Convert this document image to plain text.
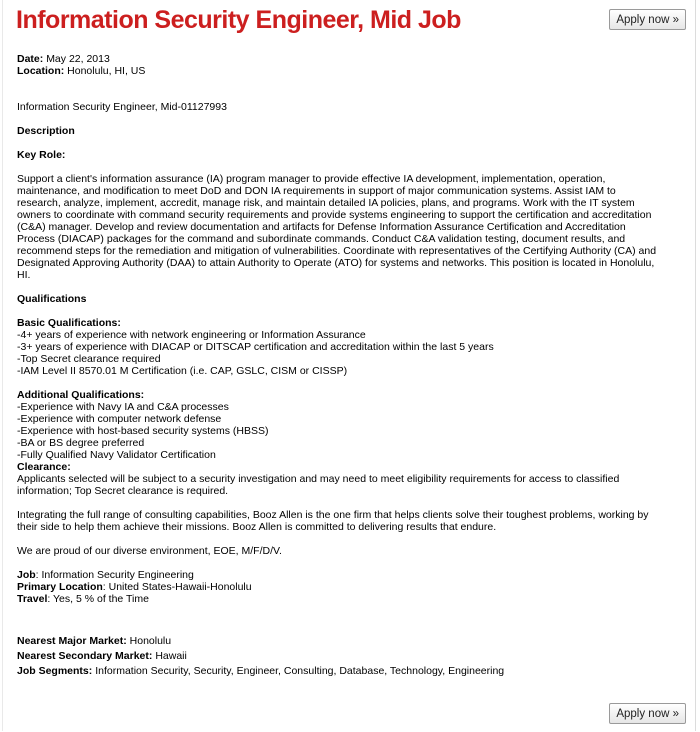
Information Security Engineer, Mid Job	Apply now »

Date: May 22, 2013

Location: Honolulu, HI, US

Information Security Engineer, Mid-01127993

Description

Key Role:

Support a client's information assurance (IA) program manager to provide effective IA development, implementation, operation,
maintenance, and modification to meet DoD and DON IA requirements in support of major communication systems. Assist IAM to
research, analyze, implement, accredit, manage risk, and maintain detailed IA policies, plans, and programs. Work with the IT system
owners to coordinate with command security requirements and provide systems engineering to support the certification and accreditation
(C&A) manager. Develop and review documentation and artifacts for Defense Information Assurance Certification and Accreditation
Process (DIACAP) packages for the command and subordinate commands. Conduct C&A validation testing, document results, and
recommend steps for the remediation and mitigation of vulnerabilities. Coordinate with representatives of the Certifying Authority (CA) and
Designated Approving Authority (DAA) to attain Authority to Operate (ATO) for systems and networks. This position is located in Honolulu,
HI.

Qualifications

Basic Qualifications:

-4+ years of experience with network engineering or Information Assurance
-3+ years of experience with DIACAP or DITSCAP certification and accreditation within the last 5 years
-Top Secret clearance required
-IAM Level II 8570.01 M Certification (i.e. CAP, GSLC, CISM or CISSP)

Additional Qualifications:

-Experience with Navy IA and C&A processes
-Experience with computer network defense
-Experience with host-based security systems (HBSS)
-BA or BS degree preferred
-Fully Qualified Navy Validator Certification

Clearance:

Applicants selected will be subject to a security investigation and may need to meet eligibility requirements for access to classified
information; Top Secret clearance is required.
Integrating the full range of consulting capabilities, Booz Allen is the one firm that helps clients solve their toughest problems, working by
their side to help them achieve their missions. Booz Allen is committed to delivering results that endure.

We are proud of our diverse environment, EOE, M/F/D/V.

Job: Information Security Engineering

Primary Location: United States-Hawaii-Honolulu

Travel: Yes, 5 % of the Time

Nearest Major Market: Honolulu

Nearest Secondary Market: Hawaii

Job Segments: Information Security, Security, Engineer, Consulting, Database, Technology, Engineering

Apply now »
